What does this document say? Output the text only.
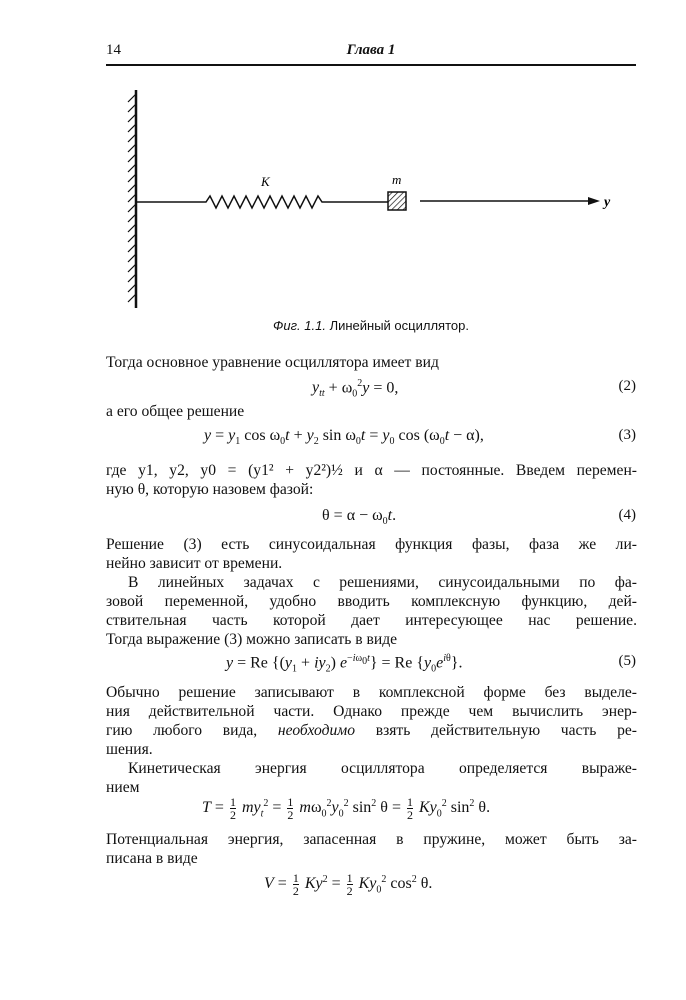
14	Глава 1
K	m
y
Фиг. 1.1. Линейный осциллятор.
Тогда основное уравнение осциллятора имеет вид
$y_{tt} + \omega_0^2y = 0$,	(2)
а его общее решение
$y = y_1$ $\cos \omega_0t + y_2$ $\sin \omega_0t = y_0$ $\cos (\omega_0t - \alpha)$,	(3)
где y1, y2, y0 = (y1² + y2²)½ и α — постоянные. Введем перемен-
ную θ, которую назовем фазой:
$\theta = \alpha - \omega_0t$.	(4)
Решение (3) есть синусоидальная функция фазы, фаза же ли-
нейно зависит от времени.
В линейных задачах с решениями, синусоидальными по фа-
зовой переменной, удобно вводить комплексную функцию, дей-
ствительная часть которой дает интересующее нас решение.
Тогда выражение (3) можно записать в виде
y = Re $\{(y_1 + iy_2) e^{-i\omega_0t}\} = Re$ $\{y_0e^{i\theta}\}$.	(5)
Обычно решение записывают в комплексной форме без выделе-
ния действительной части. Однако прежде чем вычислить энер-
гию любого вида, необходимо взять действительную часть ре-
шения.
Кинетическая энергия осциллятора определяется выраже-
нием
$T = \frac{1}{2} my_t^2 = \frac{1}{2} m\omega_0^2y_0^2$ $\sin^2 \theta = \frac{1}{2} Ky_0^2$ $\sin^2 \theta$.
Потенциальная энергия, запасенная в пружине, может быть за-
писана в виде
$V = \frac{1}{2} Ky^2 = \frac{1}{2} Ky_0^2$ $\cos^2 \theta$.
